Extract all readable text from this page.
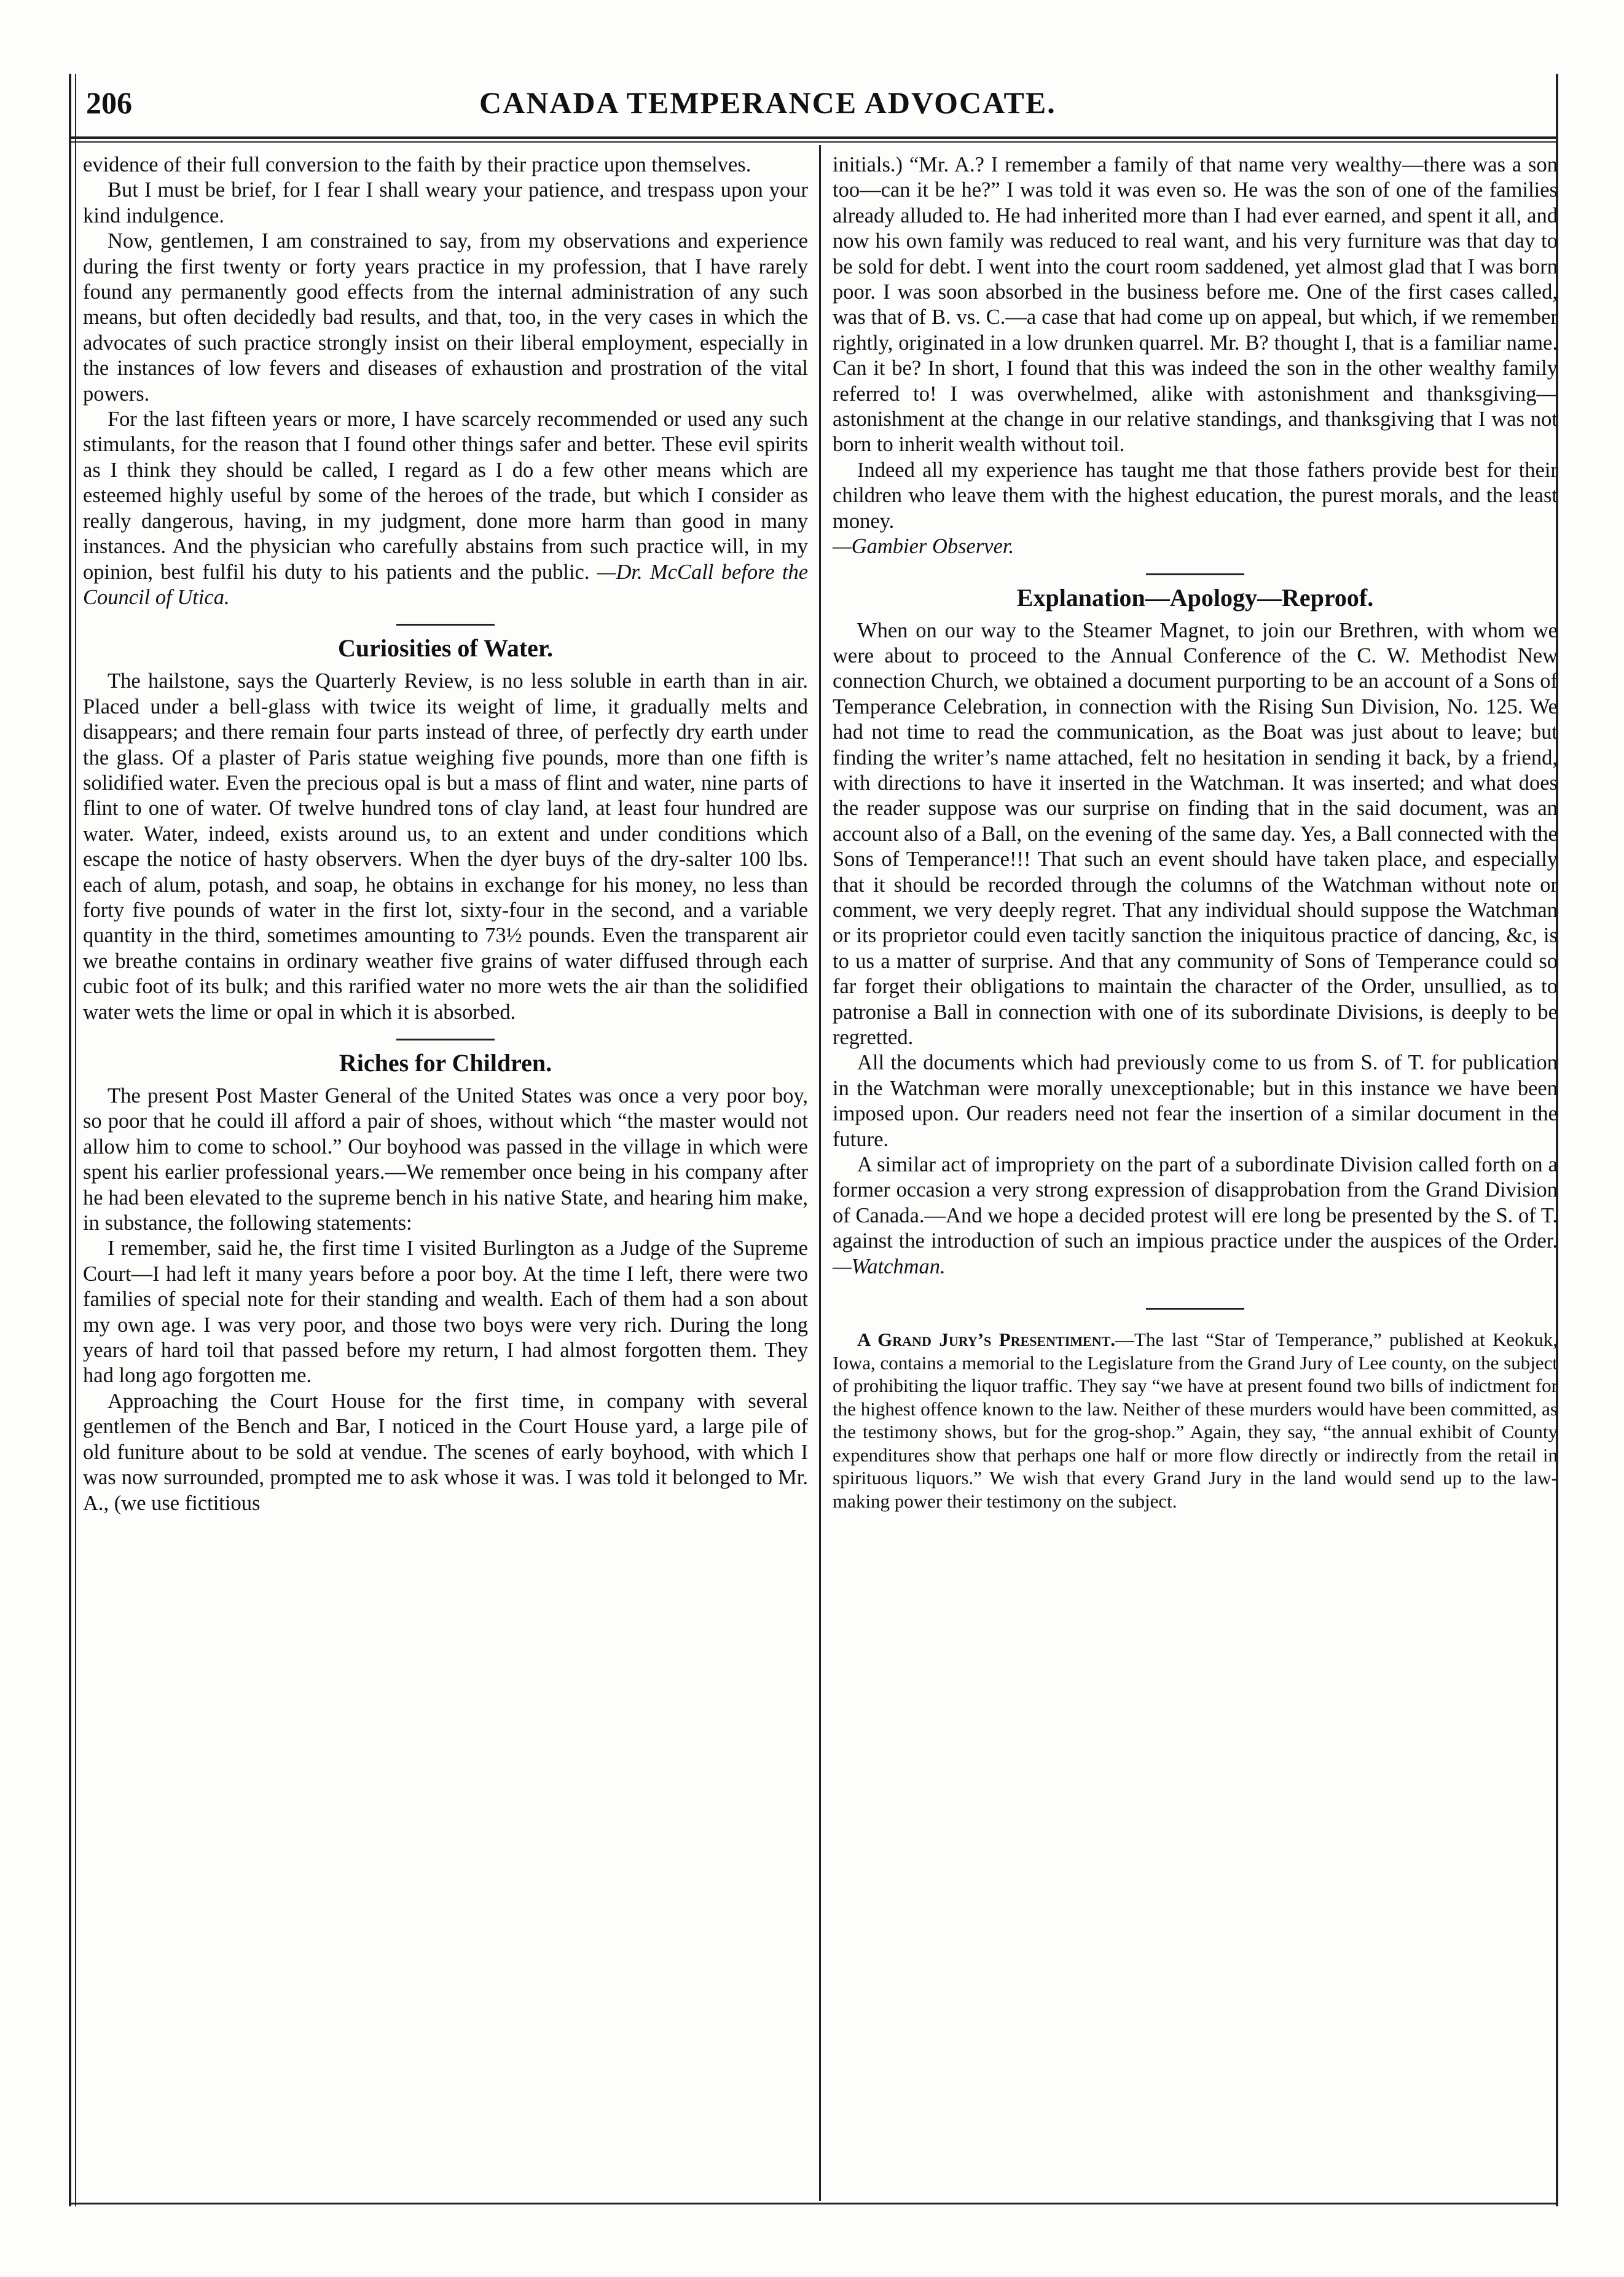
206	CANADA TEMPERANCE ADVOCATE.

evidence of their full conversion to the faith by their practice upon themselves.

But I must be brief, for I fear I shall weary your patience, and trespass upon your kind indulgence.

Now, gentlemen, I am constrained to say, from my observations and experience during the first twenty or forty years practice in my profession, that I have rarely found any permanently good effects from the internal administration of any such means, but often decidedly bad results, and that, too, in the very cases in which the advocates of such practice strongly insist on their liberal employment, especially in the instances of low fevers and diseases of exhaustion and prostration of the vital powers.

For the last fifteen years or more, I have scarcely recommended or used any such stimulants, for the reason that I found other things safer and better. These evil spirits as I think they should be called, I regard as I do a few other means which are esteemed highly useful by some of the heroes of the trade, but which I consider as really dangerous, having, in my judgment, done more harm than good in many instances. And the physician who carefully abstains from such practice will, in my opinion, best fulfil his duty to his patients and the public. —Dr. McCall before the Council of Utica.

Curiosities of Water.

The hailstone, says the Quarterly Review, is no less soluble in earth than in air. Placed under a bell-glass with twice its weight of lime, it gradually melts and disappears; and there remain four parts instead of three, of perfectly dry earth under the glass. Of a plaster of Paris statue weighing five pounds, more than one fifth is solidified water. Even the precious opal is but a mass of flint and water, nine parts of flint to one of water. Of twelve hundred tons of clay land, at least four hundred are water. Water, indeed, exists around us, to an extent and under conditions which escape the notice of hasty observers. When the dyer buys of the dry-salter 100 lbs. each of alum, potash, and soap, he obtains in exchange for his money, no less than forty five pounds of water in the first lot, sixty-four in the second, and a variable quantity in the third, sometimes amounting to 73½ pounds. Even the transparent air we breathe contains in ordinary weather five grains of water diffused through each cubic foot of its bulk; and this rarified water no more wets the air than the solidified water wets the lime or opal in which it is absorbed.

Riches for Children.

The present Post Master General of the United States was once a very poor boy, so poor that he could ill afford a pair of shoes, without which “the master would not allow him to come to school.” Our boyhood was passed in the village in which were spent his earlier professional years.—We remember once being in his company after he had been elevated to the supreme bench in his native State, and hearing him make, in substance, the following statements:

I remember, said he, the first time I visited Burlington as a Judge of the Supreme Court—I had left it many years before a poor boy. At the time I left, there were two families of special note for their standing and wealth. Each of them had a son about my own age. I was very poor, and those two boys were very rich. During the long years of hard toil that passed before my return, I had almost forgotten them. They had long ago forgotten me.

Approaching the Court House for the first time, in company with several gentlemen of the Bench and Bar, I noticed in the Court House yard, a large pile of old funiture about to be sold at vendue. The scenes of early boyhood, with which I was now surrounded, prompted me to ask whose it was. I was told it belonged to Mr. A., (we use fictitious

initials.) “Mr. A.? I remember a family of that name very wealthy—there was a son too—can it be he?” I was told it was even so. He was the son of one of the families already alluded to. He had inherited more than I had ever earned, and spent it all, and now his own family was reduced to real want, and his very furniture was that day to be sold for debt. I went into the court room saddened, yet almost glad that I was born poor. I was soon absorbed in the business before me. One of the first cases called, was that of B. vs. C.—a case that had come up on appeal, but which, if we remember rightly, originated in a low drunken quarrel. Mr. B? thought I, that is a familiar name. Can it be? In short, I found that this was indeed the son in the other wealthy family referred to! I was overwhelmed, alike with astonishment and thanksgiving—astonishment at the change in our relative standings, and thanksgiving that I was not born to inherit wealth without toil.

Indeed all my experience has taught me that those fathers provide best for their children who leave them with the highest education, the purest morals, and the least money.

—Gambier Observer.

Explanation—Apology—Reproof.

When on our way to the Steamer Magnet, to join our Brethren, with whom we were about to proceed to the Annual Conference of the C. W. Methodist New connection Church, we obtained a document purporting to be an account of a Sons of Temperance Celebration, in connection with the Rising Sun Division, No. 125. We had not time to read the communication, as the Boat was just about to leave; but finding the writer’s name attached, felt no hesitation in sending it back, by a friend, with directions to have it inserted in the Watchman. It was inserted; and what does the reader suppose was our surprise on finding that in the said document, was an account also of a Ball, on the evening of the same day. Yes, a Ball connected with the Sons of Temperance!!! That such an event should have taken place, and especially that it should be recorded through the columns of the Watchman without note or comment, we very deeply regret. That any individual should suppose the Watchman or its proprietor could even tacitly sanction the iniquitous practice of dancing, &c, is to us a matter of surprise. And that any community of Sons of Temperance could so far forget their obligations to maintain the character of the Order, unsullied, as to patronise a Ball in connection with one of its subordinate Divisions, is deeply to be regretted.

All the documents which had previously come to us from S. of T. for publication in the Watchman were morally unexceptionable; but in this instance we have been imposed upon. Our readers need not fear the insertion of a similar document in the future.

A similar act of impropriety on the part of a subordinate Division called forth on a former occasion a very strong expression of disapprobation from the Grand Division of Canada.—And we hope a decided protest will ere long be presented by the S. of T. against the introduction of such an impious practice under the auspices of the Order.—Watchman.

A Grand Jury’s Presentiment.—The last “Star of Temperance,” published at Keokuk, Iowa, contains a memorial to the Legislature from the Grand Jury of Lee county, on the subject of prohibiting the liquor traffic. They say “we have at present found two bills of indictment for the highest offence known to the law. Neither of these murders would have been committed, as the testimony shows, but for the grog-shop.” Again, they say, “the annual exhibit of County expenditures show that perhaps one half or more flow directly or indirectly from the retail in spirituous liquors.” We wish that every Grand Jury in the land would send up to the law-making power their testimony on the subject.
